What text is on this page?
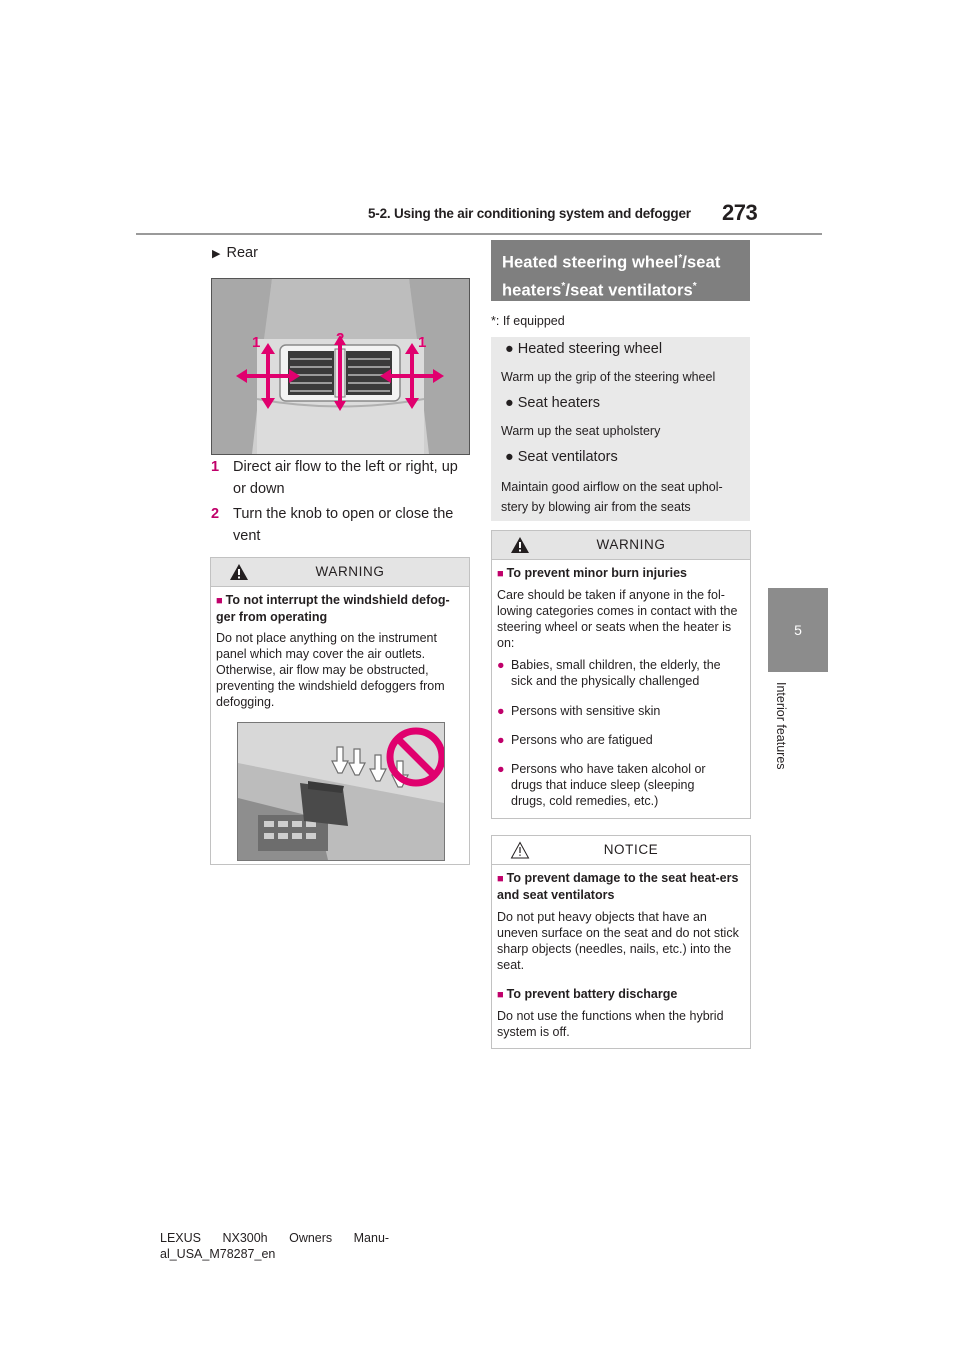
5-2. Using the air conditioning system and defogger 273
5
Interior features
▶ Rear
1	2	1
1 Direct air flow to the left or right, up or down
2 Turn the knob to open or close the vent
WARNING
■ To not interrupt the windshield defog-ger from operating
Do not place anything on the instrument panel which may cover the air outlets. Otherwise, air flow may be obstructed, preventing the windshield defoggers from defogging.
Heated steering wheel*/seat
heaters*/seat ventilators*
*: If equipped
● Heated steering wheel
Warm up the grip of the steering wheel
● Seat heaters
Warm up the seat upholstery
● Seat ventilators
Maintain good airflow on the seat uphol-stery by blowing air from the seats
WARNING
■ To prevent minor burn injuries
Care should be taken if anyone in the fol-lowing categories comes in contact with the steering wheel or seats when the heater is on:
● Babies, small children, the elderly, the sick and the physically challenged
● Persons with sensitive skin
● Persons who are fatigued
● Persons who have taken alcohol or drugs that induce sleep (sleeping drugs, cold remedies, etc.)
NOTICE
■ To prevent damage to the seat heat-ers and seat ventilators
Do not put heavy objects that have an uneven surface on the seat and do not stick sharp objects (needles, nails, etc.) into the seat.
■ To prevent battery discharge
Do not use the functions when the hybrid system is off.
LEXUS NX300h Owners Manu-
al_USA_M78287_en
